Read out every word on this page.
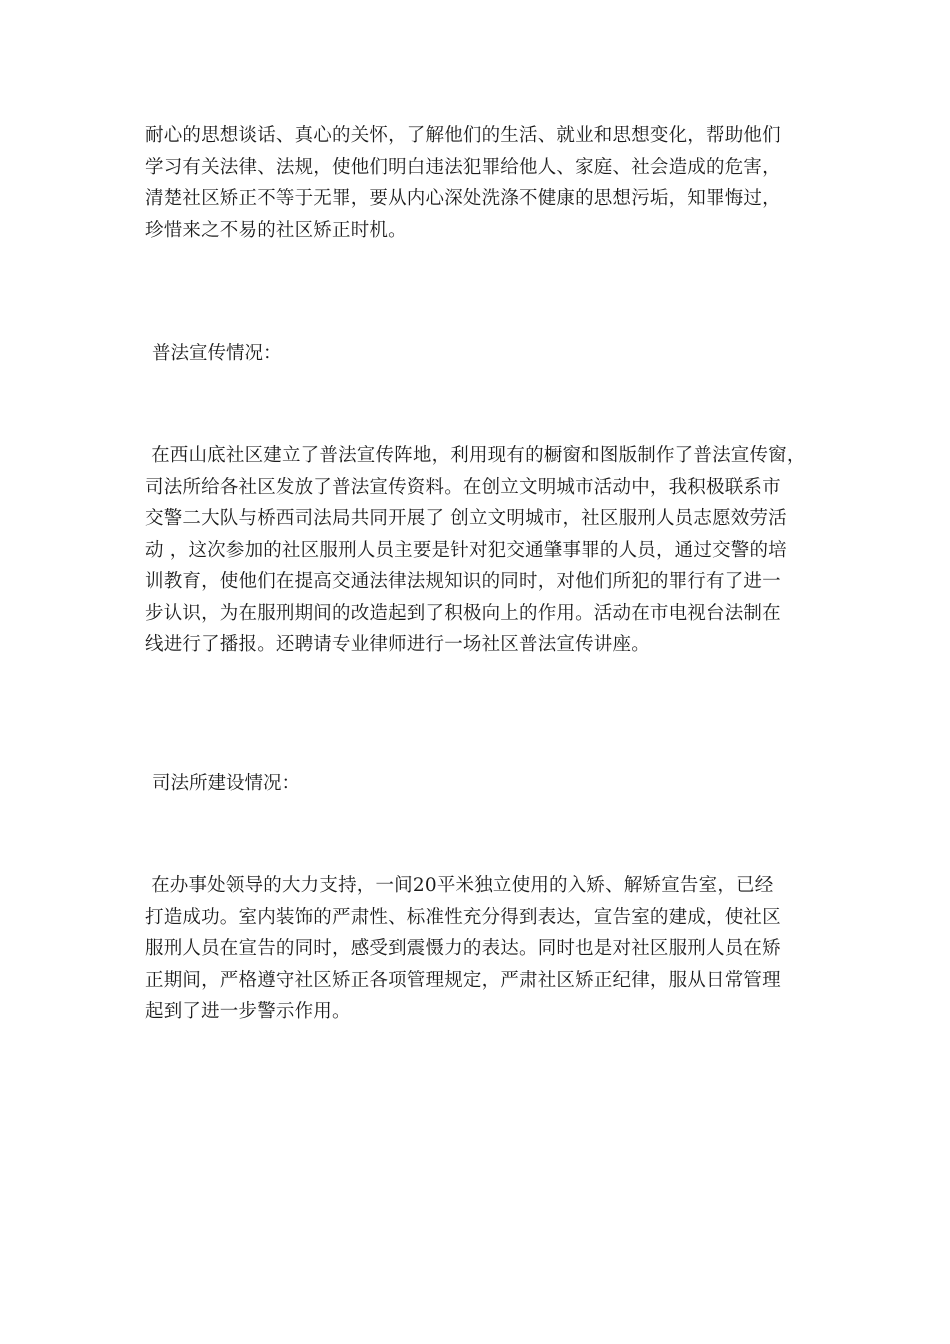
耐心的思想谈话、真心的关怀，了解他们的生活、就业和思想变化，帮助他们
学习有关法律、法规，使他们明白违法犯罪给他人、家庭、社会造成的危害，
清楚社区矫正不等于无罪，要从内心深处洗涤不健康的思想污垢，知罪悔过，
珍惜来之不易的社区矫正时机。
普法宣传情况：
在西山底社区建立了普法宣传阵地，利用现有的橱窗和图版制作了普法宣传窗，
司法所给各社区发放了普法宣传资料。在创立文明城市活动中，我积极联系市
交警二大队与桥西司法局共同开展了 创立文明城市，社区服刑人员志愿效劳活
动 ，这次参加的社区服刑人员主要是针对犯交通肇事罪的人员，通过交警的培
训教育，使他们在提高交通法律法规知识的同时，对他们所犯的罪行有了进一
步认识，为在服刑期间的改造起到了积极向上的作用。活动在市电视台法制在
线进行了播报。还聘请专业律师进行一场社区普法宣传讲座。
司法所建设情况：
在办事处领导的大力支持，一间20平米独立使用的入矫、解矫宣告室，已经
打造成功。室内装饰的严肃性、标准性充分得到表达，宣告室的建成，使社区
服刑人员在宣告的同时，感受到震慑力的表达。同时也是对社区服刑人员在矫
正期间，严格遵守社区矫正各项管理规定，严肃社区矫正纪律，服从日常管理
起到了进一步警示作用。
